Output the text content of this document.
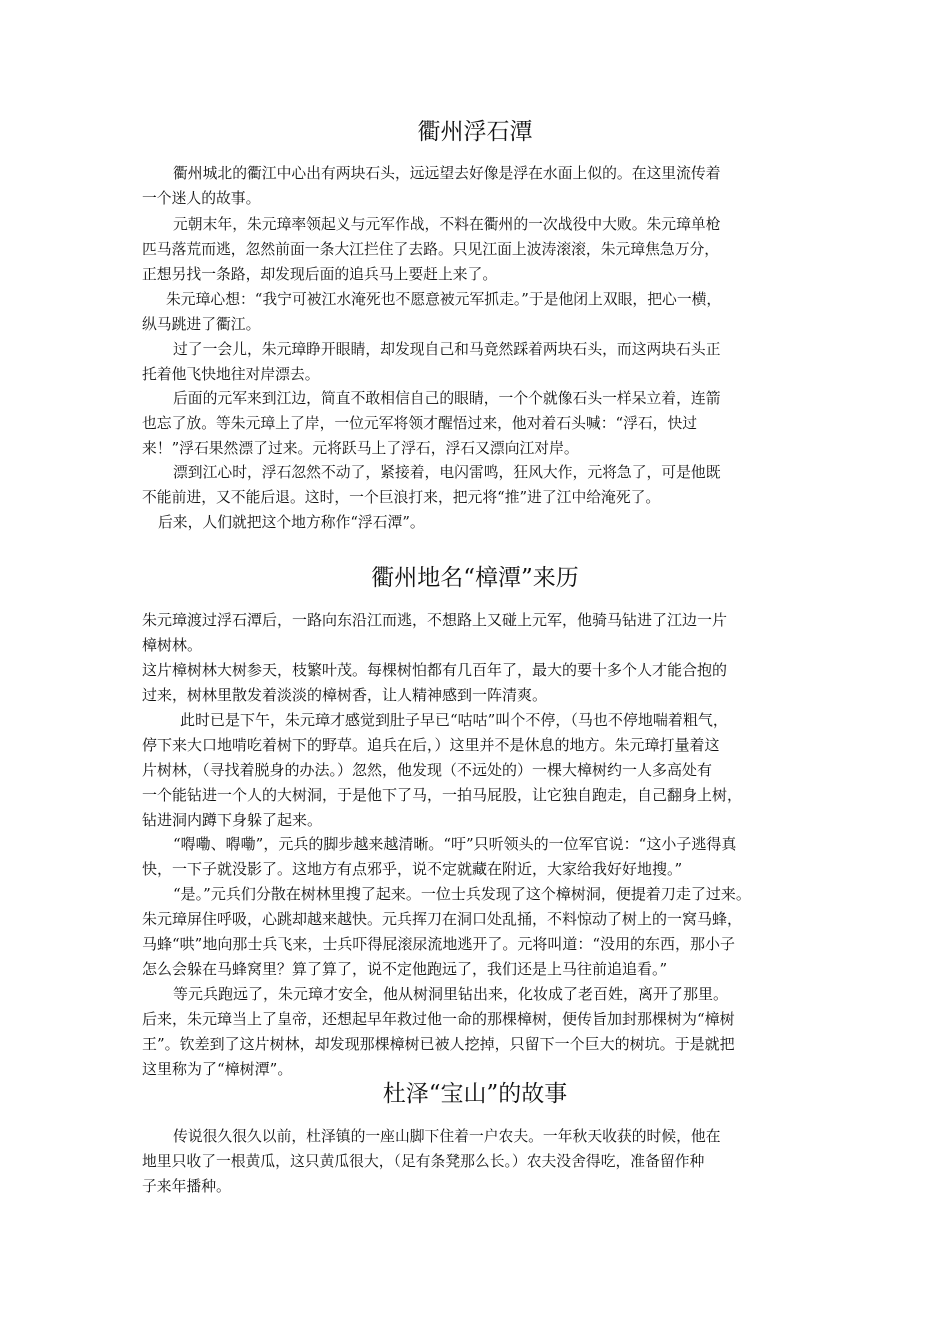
衢州浮石潭
衢州城北的衢江中心出有两块石头，远远望去好像是浮在水面上似的。在这里流传着
一个迷人的故事。
元朝末年，朱元璋率领起义与元军作战，不料在衢州的一次战役中大败。朱元璋单枪
匹马落荒而逃，忽然前面一条大江拦住了去路。只见江面上波涛滚滚，朱元璋焦急万分，
正想另找一条路，却发现后面的追兵马上要赶上来了。
朱元璋心想：“我宁可被江水淹死也不愿意被元军抓走。”于是他闭上双眼，把心一横，
纵马跳进了衢江。
过了一会儿，朱元璋睁开眼睛，却发现自己和马竟然踩着两块石头，而这两块石头正
托着他飞快地往对岸漂去。
后面的元军来到江边，简直不敢相信自己的眼睛，一个个就像石头一样呆立着，连箭
也忘了放。等朱元璋上了岸，一位元军将领才醒悟过来，他对着石头喊：“浮石，快过
来！”浮石果然漂了过来。元将跃马上了浮石，浮石又漂向江对岸。
漂到江心时，浮石忽然不动了，紧接着，电闪雷鸣，狂风大作，元将急了，可是他既
不能前进，又不能后退。这时，一个巨浪打来，把元将“推”进了江中给淹死了。
后来，人们就把这个地方称作“浮石潭”。
衢州地名“樟潭”来历
朱元璋渡过浮石潭后，一路向东沿江而逃，不想路上又碰上元军，他骑马钻进了江边一片
樟树林。
这片樟树林大树参天，枝繁叶茂。每棵树怕都有几百年了，最大的要十多个人才能合抱的
过来，树林里散发着淡淡的樟树香，让人精神感到一阵清爽。
此时已是下午，朱元璋才感觉到肚子早已“咕咕”叫个不停，（马也不停地喘着粗气，
停下来大口地啃吃着树下的野草。追兵在后，）这里并不是休息的地方。朱元璋打量着这
片树林，（寻找着脱身的办法。）忽然，他发现（不远处的）一棵大樟树约一人多高处有
一个能钻进一个人的大树洞，于是他下了马，一拍马屁股，让它独自跑走，自己翻身上树，
钻进洞内蹲下身躲了起来。
“嘚嘞、嘚嘞”，元兵的脚步越来越清晰。“吁”只听领头的一位军官说：“这小子逃得真
快，一下子就没影了。这地方有点邪乎，说不定就藏在附近，大家给我好好地搜。”
“是。”元兵们分散在树林里搜了起来。一位士兵发现了这个樟树洞，便提着刀走了过来。
朱元璋屏住呼吸，心跳却越来越快。元兵挥刀在洞口处乱捅，不料惊动了树上的一窝马蜂，
马蜂“哄”地向那士兵飞来，士兵吓得屁滚尿流地逃开了。元将叫道：“没用的东西，那小子
怎么会躲在马蜂窝里？算了算了，说不定他跑远了，我们还是上马往前追追看。”
等元兵跑远了，朱元璋才安全，他从树洞里钻出来，化妆成了老百姓，离开了那里。
后来，朱元璋当上了皇帝，还想起早年救过他一命的那棵樟树，便传旨加封那棵树为“樟树
王”。钦差到了这片树林，却发现那棵樟树已被人挖掉，只留下一个巨大的树坑。于是就把
这里称为了“樟树潭”。
杜泽“宝山”的故事
传说很久很久以前，杜泽镇的一座山脚下住着一户农夫。一年秋天收获的时候，他在
地里只收了一根黄瓜，这只黄瓜很大，（足有条凳那么长。）农夫没舍得吃，准备留作种
子来年播种。
